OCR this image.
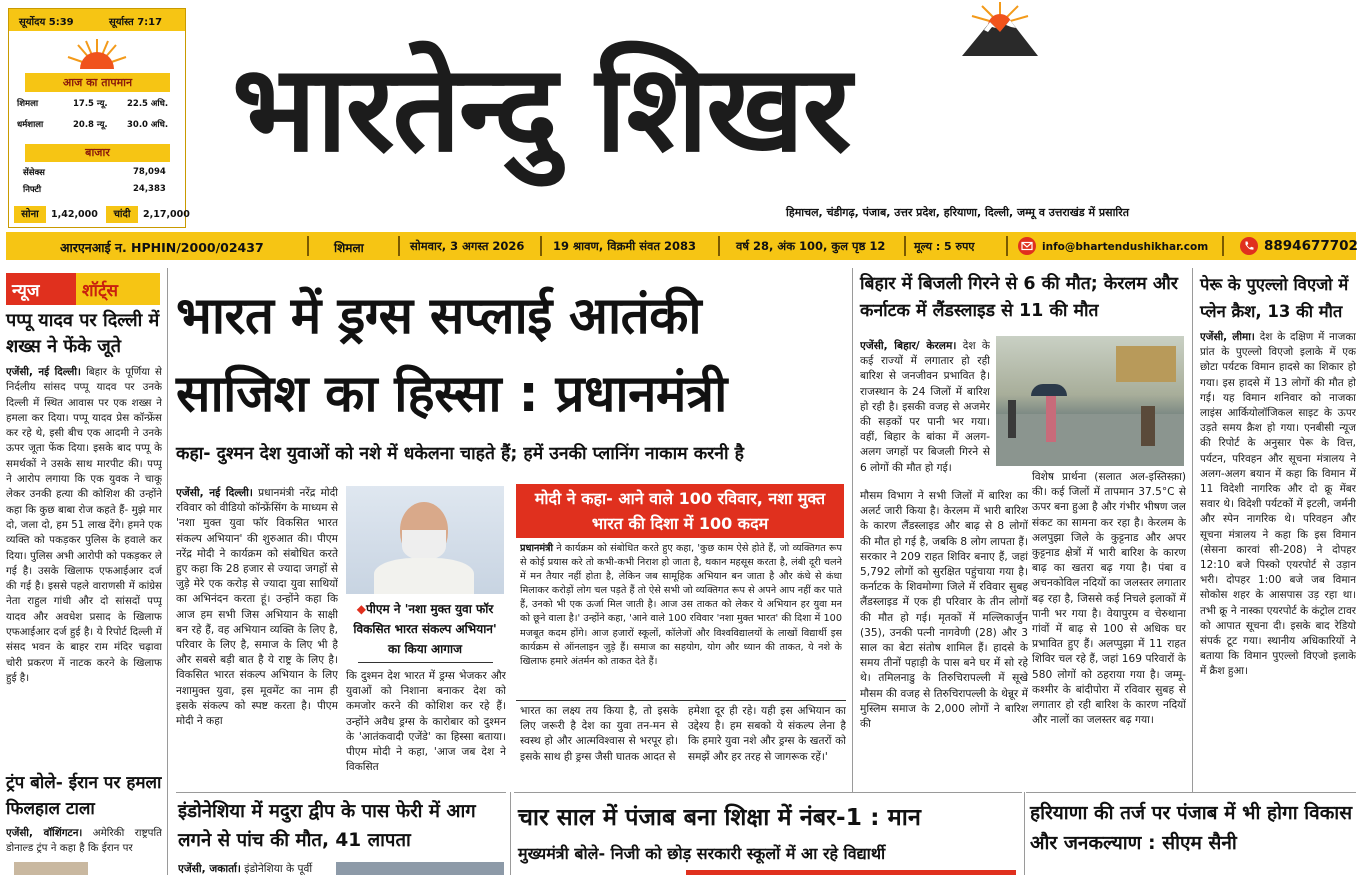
सूर्योदय 5:39	सूर्यास्त 7:17
आज का तापमान
शिमला	17.5 न्यू.	22.5 अधि.
धर्मशाला	20.8 न्यू.	30.0 अधि.
बाजार
सेंसेक्स	78,094
निफ्टी	24,383
सोना	1,42,000	चांदी	2,17,000
भारतेन्दु शिखर
हिमाचल, चंडीगढ़, पंजाब, उत्तर प्रदेश, हरियाणा, दिल्ली, जम्मू व उत्तराखंड में प्रसारित
आरएनआई न. HPHIN/2000/02437	शिमला	सोमवार, 3 अगस्त 2026 19 श्रावण, विक्रमी संवत 2083	वर्ष 28, अंक 100, कुल पृष्ठ 12	मूल्य : 5 रुपए	info@bhartendushikhar.com	8894677702
न्यूज	शॉर्ट्स
पप्पू यादव पर दिल्ली में शख्स ने फेंके जूते
एजेंसी, नई दिल्ली। बिहार के पूर्णिया से निर्दलीय सांसद पप्पू यादव पर उनके दिल्ली में स्थित आवास पर एक शख्स ने हमला कर दिया। पप्पू यादव प्रेस कॉन्फ्रेंस कर रहे थे, इसी बीच एक आदमी ने उनके ऊपर जूता फेंक दिया। इसके बाद पप्पू के समर्थकों ने उसके साथ मारपीट की। पप्पू ने आरोप लगाया कि एक युवक ने चाकू लेकर उनकी हत्या की कोशिश की उन्होंने कहा कि कुछ बाबा रोज कहते हैं- मुझे मार दो, जला दो, हम 51 लाख देंगे। हमने एक व्यक्ति को पकड़कर पुलिस के हवाले कर दिया। पुलिस अभी आरोपी को पकड़कर ले गई है। उसके खिलाफ एफआईआर दर्ज की गई है। इससे पहले वाराणसी में कांग्रेस नेता राहुल गांधी और दो सांसदों पप्पू यादव और अवधेश प्रसाद के खिलाफ एफआईआर दर्ज हुई है। ये रिपोर्ट दिल्ली में संसद भवन के बाहर राम मंदिर चढ़ावा चोरी प्रकरण में नाटक करने के खिलाफ हुई है।
ट्रंप बोले- ईरान पर हमला फिलहाल टाला
एजेंसी, वॉशिंगटन। अमेरिकी राष्ट्रपति डोनाल्ड ट्रंप ने कहा है कि ईरान पर
भारत में ड्रग्स सप्लाई आतंकी साजिश का हिस्सा : प्रधानमंत्री
कहा- दुश्मन देश युवाओं को नशे में धकेलना चाहते हैं; हमें उनकी प्लानिंग नाकाम करनी है
एजेंसी, नई दिल्ली। प्रधानमंत्री नरेंद्र मोदी रविवार को वीडियो कॉन्फ्रेंसिंग के माध्यम से 'नशा मुक्त युवा फॉर विकसित भारत संकल्प अभियान' की शुरुआत की। पीएम नरेंद्र मोदी ने कार्यक्रम को संबोधित करते हुए कहा कि 28 हजार से ज्यादा जगहों से जुड़े मेरे एक करोड़ से ज्यादा युवा साथियों का अभिनंदन करता हूं। उन्होंने कहा कि आज हम सभी जिस अभियान के साक्षी बन रहे हैं, वह अभियान व्यक्ति के लिए है, परिवार के लिए है, समाज के लिए भी है और सबसे बड़ी बात है ये राष्ट्र के लिए है। विकसित भारत संकल्प अभियान के लिए नशामुक्त युवा, इस मूवमेंट का नाम ही इसके संकल्प को स्पष्ट करता है। पीएम मोदी ने कहा
◆पीएम ने 'नशा मुक्त युवा फॉर विकसित भारत संकल्प अभियान' का किया आगाज
कि दुश्मन देश भारत में ड्रग्स भेजकर और युवाओं को निशाना बनाकर देश को कमजोर करने की कोशिश कर रहे हैं। उन्होंने अवैध ड्रग्स के कारोबार को दुश्मन के 'आतंकवादी एजेंडे' का हिस्सा बताया। पीएम मोदी ने कहा, 'आज जब देश ने विकसित
मोदी ने कहा- आने वाले 100 रविवार, नशा मुक्त भारत की दिशा में 100 कदम
प्रधानमंत्री ने कार्यक्रम को संबोधित करते हुए कहा, 'कुछ काम ऐसे होते हैं, जो व्यक्तिगत रूप से कोई प्रयास करे तो कभी-कभी निराश हो जाता है, थकान महसूस करता है, लंबी दूरी चलने में मन तैयार नहीं होता है, लेकिन जब सामूहिक अभियान बन जाता है और कंधे से कंधा मिलाकर करोड़ों लोग चल पड़ते हैं तो ऐसे सभी जो व्यक्तिगत रूप से अपने आप नहीं कर पाते हैं, उनको भी एक ऊर्जा मिल जाती है। आज उस ताकत को लेकर ये अभियान हर युवा मन को छूने वाला है।' उन्होंने कहा, 'आने वाले 100 रविवार 'नशा मुक्त भारत' की दिशा में 100 मजबूत कदम होंगे। आज हजारों स्कूलों, कॉलेजों और विश्वविद्यालयों के लाखों विद्यार्थी इस कार्यक्रम से ऑनलाइन जुड़े हैं। समाज का सहयोग, योग और ध्यान की ताकत, ये नशे के खिलाफ हमारे अंतर्मन को ताकत देते हैं।
भारत का लक्ष्य तय किया है, तो इसके लिए जरूरी है देश का युवा तन-मन से स्वस्थ हो और आत्मविश्वास से भरपूर हो। इसके साथ ही ड्रग्स जैसी घातक आदत से
हमेशा दूर ही रहे। यही इस अभियान का उद्देश्य है। हम सबको ये संकल्प लेना है कि हमारे युवा नशे और ड्रग्स के खतरों को समझें और हर तरह से जागरूक रहें।'
इंडोनेशिया में मदुरा द्वीप के पास फेरी में आग लगने से पांच की मौत, 41 लापता
एजेंसी, जकार्ता। इंडोनेशिया के पूर्वी
चार साल में पंजाब बना शिक्षा में नंबर-1 : मान
मुख्यमंत्री बोले- निजी को छोड़ सरकारी स्कूलों में आ रहे विद्यार्थी
बिहार में बिजली गिरने से 6 की मौत; केरलम और कर्नाटक में लैंडस्लाइड से 11 की मौत
एजेंसी, बिहार/ केरलम। देश के कई राज्यों में लगातार हो रही बारिश से जनजीवन प्रभावित है। राजस्थान के 24 जिलों में बारिश हो रही है। इसकी वजह से अजमेर की सड़कों पर पानी भर गया। वहीं, बिहार के बांका में अलग-अलग जगहों पर बिजली गिरने से 6 लोगों की मौत हो गई।
मौसम विभाग ने सभी जिलों में बारिश का अलर्ट जारी किया है। केरलम में भारी बारिश के कारण लैंडस्लाइड और बाढ़ से 8 लोगों की मौत हो गई है, जबकि 8 लोग लापता हैं। सरकार ने 209 राहत शिविर बनाए हैं, जहां 5,792 लोगों को सुरक्षित पहुंचाया गया है। कर्नाटक के शिवमोग्गा जिले में रविवार सुबह लैंडस्लाइड में एक ही परिवार के तीन लोगों की मौत हो गई। मृतकों में मल्लिकार्जुन (35), उनकी पत्नी नागवेणी (28) और 3 साल का बेटा संतोष शामिल हैं। हादसे के समय तीनों पहाड़ी के पास बने घर में सो रहे थे। तमिलनाडु के तिरुचिरापल्ली में सूखे मौसम की वजह से तिरुचिरापल्ली के थेन्नूर में मुस्लिम समाज के 2,000 लोगों ने बारिश की
विशेष प्रार्थना (सलात अल-इस्तिस्क़ा) की। कई जिलों में तापमान 37.5°C से ऊपर बना हुआ है और गंभीर भीषण जल संकट का सामना कर रहा है। केरलम के अलपुझा जिले के कुट्टनाड और अपर कुट्टनाड क्षेत्रों में भारी बारिश के कारण बाढ़ का खतरा बढ़ गया है। पंबा व अचनकोविल नदियों का जलस्तर लगातार बढ़ रहा है, जिससे कई निचले इलाकों में पानी भर गया है। वेयापुरम व चेरुथाना गांवों में बाढ़ से 100 से अधिक घर प्रभावित हुए हैं। अलप्पुझा में 11 राहत शिविर चल रहे हैं, जहां 169 परिवारों के 580 लोगों को ठहराया गया है। जम्मू-कश्मीर के बांदीपोरा में रविवार सुबह से लगातार हो रही बारिश के कारण नदियों और नालों का जलस्तर बढ़ गया।
पेरू के पुएल्लो विएजो में प्लेन क्रैश, 13 की मौत
एजेंसी, लीमा। देश के दक्षिण में नाजका प्रांत के पुएल्लो विएजो इलाके में एक छोटा पर्यटक विमान हादसे का शिकार हो गया। इस हादसे में 13 लोगों की मौत हो गई। यह विमान शनिवार को नाजका लाइंस आर्कियोलॉजिकल साइट के ऊपर उड़ते समय क्रैश हो गया। एनबीसी न्यूज की रिपोर्ट के अनुसार पेरू के वित्त, पर्यटन, परिवहन और सूचना मंत्रालय ने अलग-अलग बयान में कहा कि विमान में 11 विदेशी नागरिक और दो क्रू मेंबर सवार थे। विदेशी पर्यटकों में इटली, जर्मनी और स्पेन नागरिक थे। परिवहन और सूचना मंत्रालय ने कहा कि इस विमान (सेसना कारवां सी-208) ने दोपहर 12:10 बजे पिस्को एयरपोर्ट से उड़ान भरी। दोपहर 1:00 बजे जब विमान सोकोस शहर के आसपास उड़ रहा था। तभी क्रू ने नास्का एयरपोर्ट के कंट्रोल टावर को आपात सूचना दी। इसके बाद रेडियो संपर्क टूट गया। स्थानीय अधिकारियों ने बताया कि विमान पुएल्लो विएजो इलाके में क्रैश हुआ।
हरियाणा की तर्ज पर पंजाब में भी होगा विकास और जनकल्याण : सीएम सैनी
